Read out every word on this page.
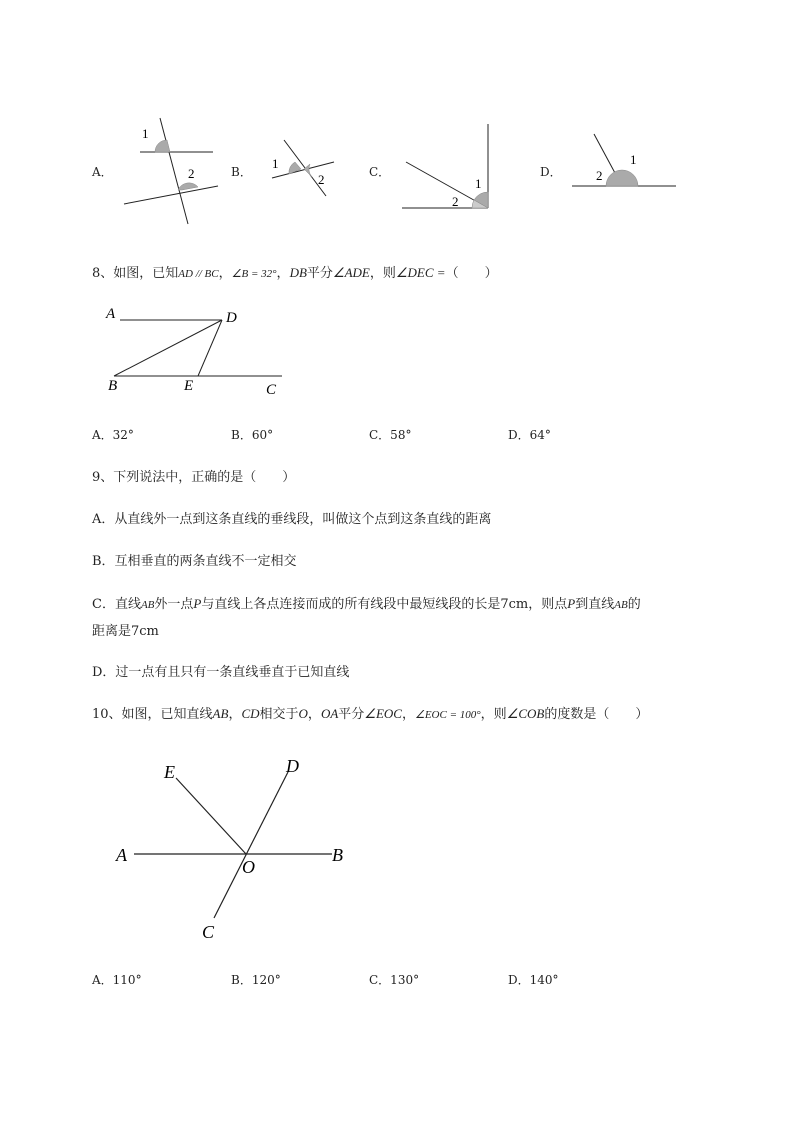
A．
1
2	B．
1
2	C．
1
2
D．
1
2
8、如图，已知AD // BC，∠B = 32°，DB平分∠ADE，则∠DEC =（　　）
A	D
B	E	C
A．32°	B．60°	C．58°	D．64°
9、下列说法中，正确的是（　　）
A．从直线外一点到这条直线的垂线段，叫做这个点到这条直线的距离
B．互相垂直的两条直线不一定相交
C．直线AB外一点P与直线上各点连接而成的所有线段中最短线段的长是7cm，则点P到直线AB的
距离是7cm
D．过一点有且只有一条直线垂直于已知直线
10、如图，已知直线AB，CD相交于O，OA平分∠EOC，∠EOC = 100°，则∠COB的度数是（　　）
E	D
A
O
B
C
A．110°	B．120°	C．130°	D．140°
